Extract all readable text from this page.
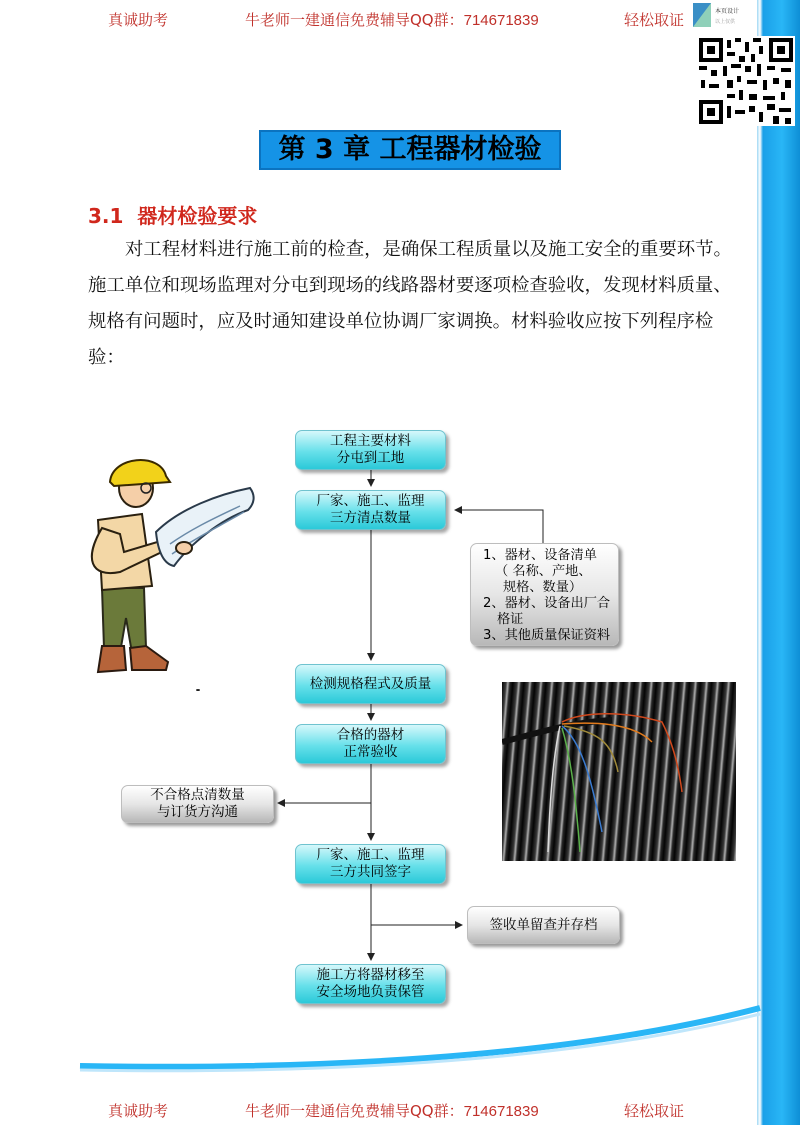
真诚助考	牛老师一建通信免费辅导QQ群：714671839	轻松取证	本页设计
以上仅供
第 3 章 工程器材检验
3.1 器材检验要求
对工程材料进行施工前的检查，是确保工程质量以及施工安全的重要环节。施工单位和现场监理对分屯到现场的线路器材要逐项检查验收，发现材料质量、规格有问题时，应及时通知建设单位协调厂家调换。材料验收应按下列程序检验：
工程主要材料
分屯到工地
厂家、施工、监理
三方清点数量
1、器材、设备清单
（ 名称、产地、
规格、数量）
2、器材、设备出厂合
格证
3、其他质量保证资料
检测规格程式及质量
合格的器材
正常验收
不合格点清数量
与订货方沟通
厂家、施工、监理
三方共同签字
签收单留查并存档
施工方将器材移至
安全场地负责保管
真诚助考	牛老师一建通信免费辅导QQ群：714671839	轻松取证
